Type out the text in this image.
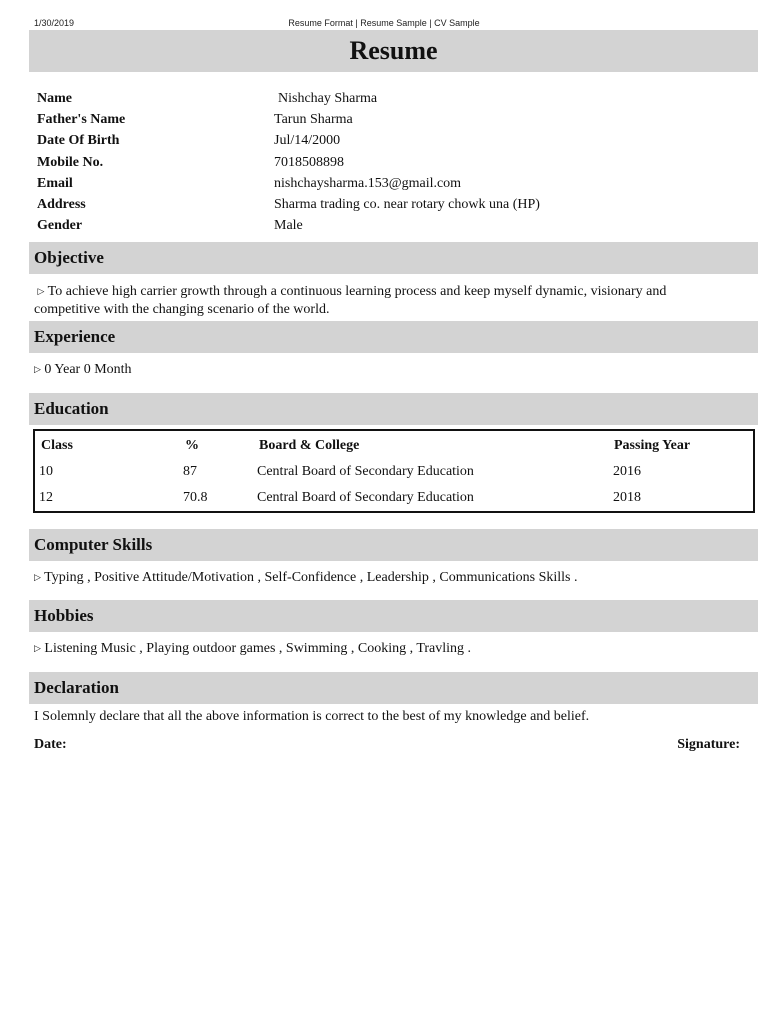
1/30/2019	Resume Format | Resume Sample | CV Sample
Resume
Name	Nishchay Sharma
Father's Name	Tarun Sharma
Date Of Birth	Jul/14/2000
Mobile No.	7018508898
Email	nishchaysharma.153@gmail.com
Address	Sharma trading co. near rotary chowk una (HP)
Gender	Male
Objective
▷ To achieve high carrier growth through a continuous learning process and keep myself dynamic, visionary and competitive with the changing scenario of the world.
Experience
▷ 0 Year 0 Month
Education
Class	%	Board & College	Passing Year
10	87	Central Board of Secondary Education	2016
12	70.8	Central Board of Secondary Education	2018
Computer Skills
▷ Typing , Positive Attitude/Motivation , Self-Confidence , Leadership , Communications Skills .
Hobbies
▷ Listening Music , Playing outdoor games , Swimming , Cooking , Travling .
Declaration
I Solemnly declare that all the above information is correct to the best of my knowledge and belief.
Date:	Signature:
